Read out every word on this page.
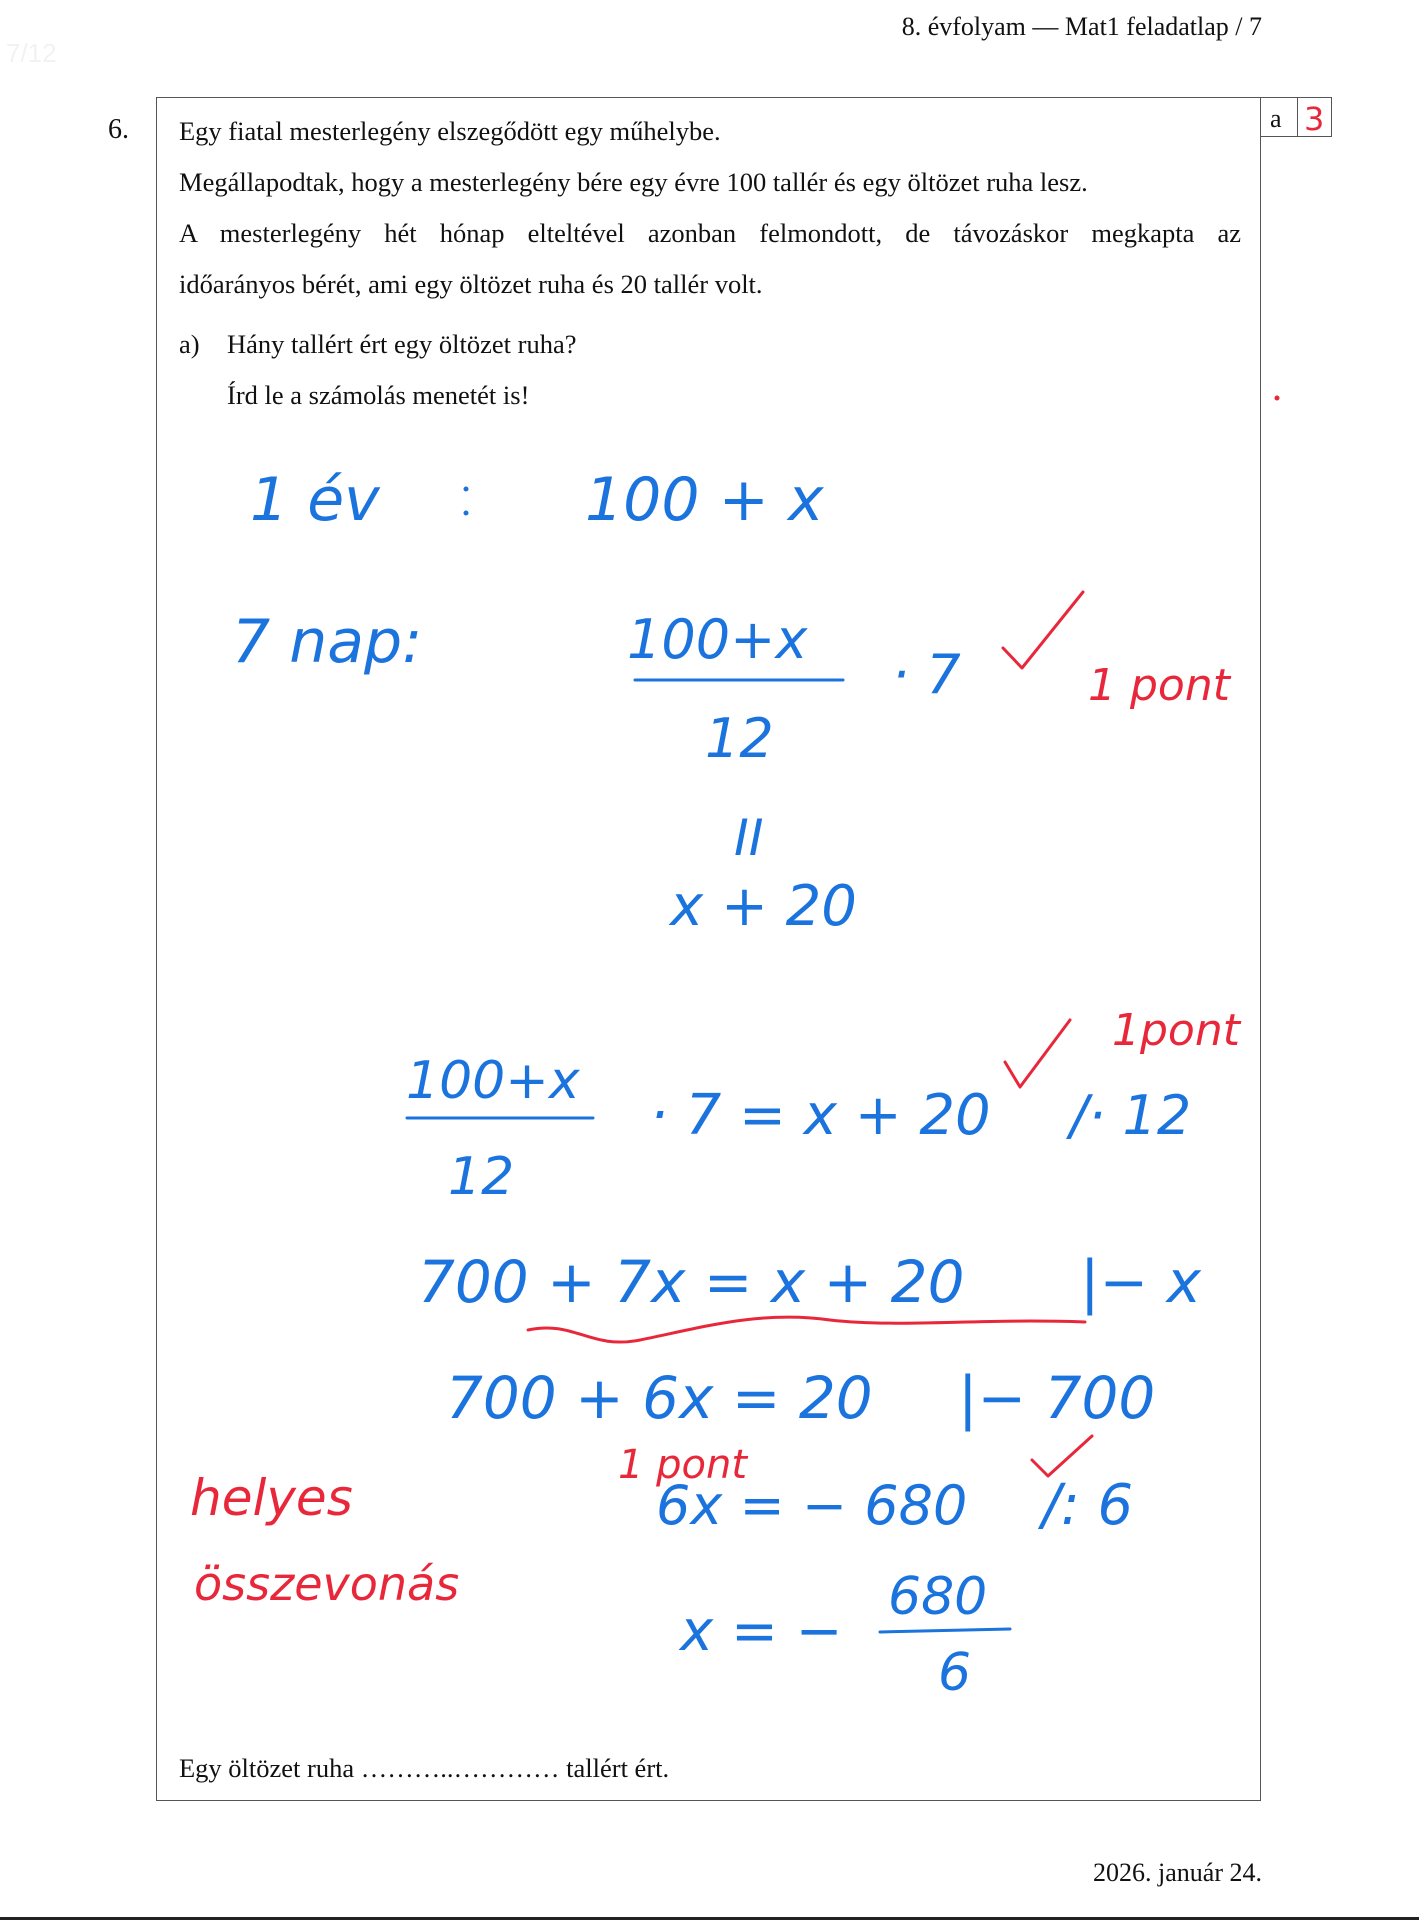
7/12
8. évfolyam — Mat1 feladatlap / 7
6.	a 3

Egy fiatal mesterlegény elszegődött egy műhelybe.

Megállapodtak, hogy a mesterlegény bére egy évre 100 tallér és egy öltözet ruha lesz.

A mesterlegény hét hónap elteltével azonban felmondott, de távozáskor megkapta az

időarányos bérét, ami egy öltözet ruha és 20 tallér volt.

a) Hány tallért ért egy öltözet ruha?
Írd le a számolás menetét is!
1 év	100 + x
7 nap:	100+x
12
· 7
II
x + 20
100+x
12
· 7 = x + 20 /· 12
700 + 7x = x + 20 |− x
700 + 6x = 20 |− 700
6x = − 680 /: 6
x = −
680
6
1 pont
1pont
1 pont
helyes
összevonás
Egy öltözet ruha ………..………… tallért ért.
2026. január 24.
